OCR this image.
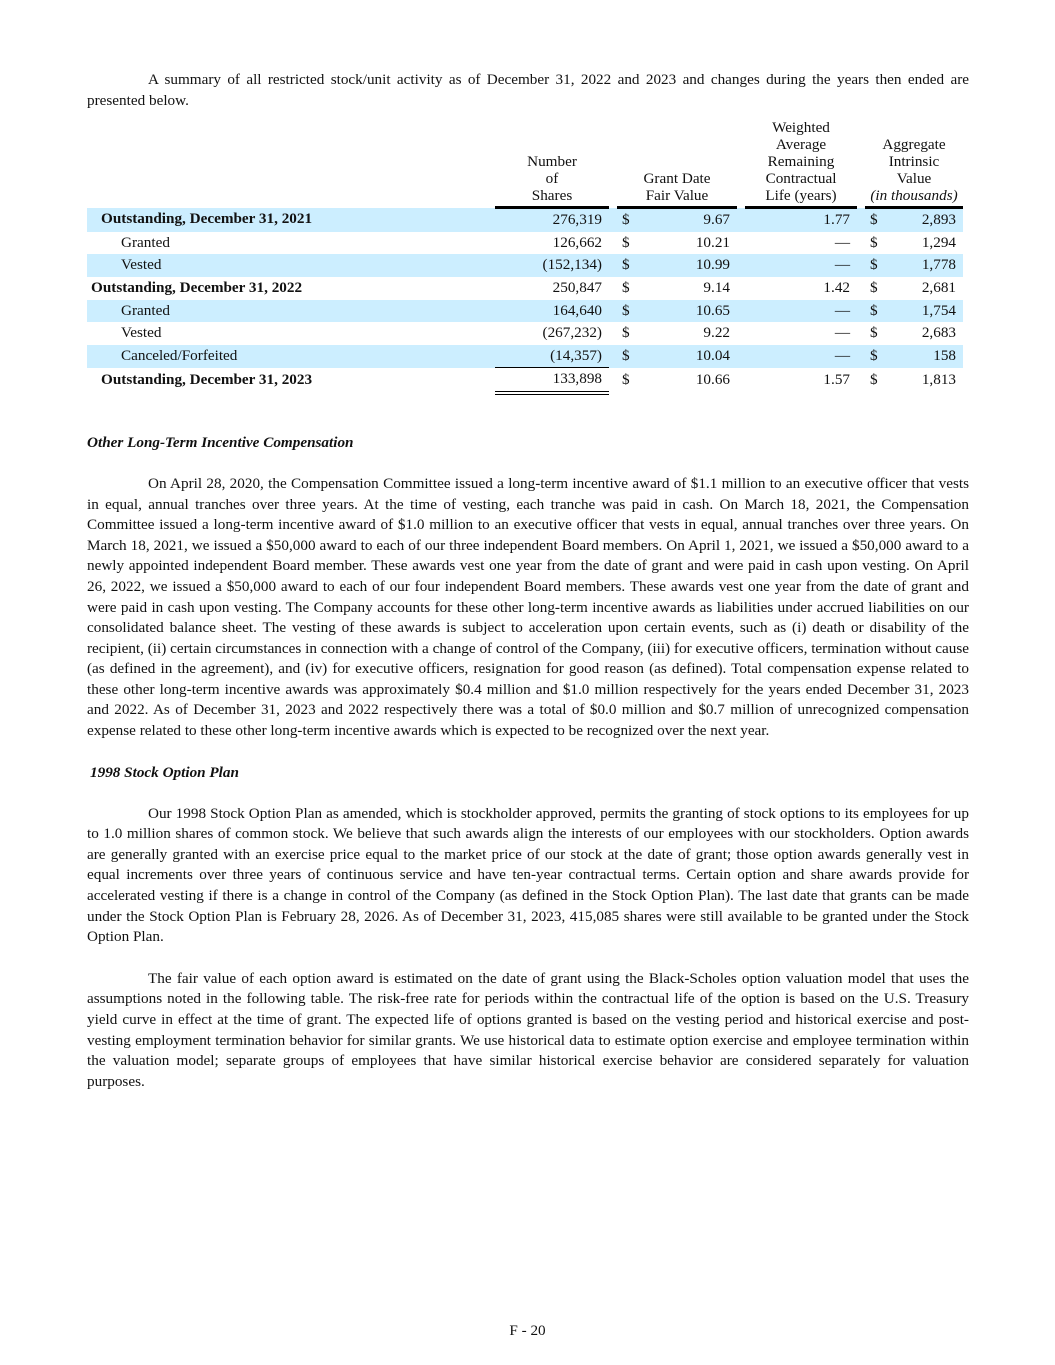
A summary of all restricted stock/unit activity as of December 31, 2022 and 2023 and changes during the years then ended are presented below.

Number
of
Shares

Grant Date
Fair Value

Weighted
Average
Remaining
Contractual
Life (years)

Aggregate
Intrinsic
Value
(in thousands)

Outstanding, December 31, 2021	276,319		$	9.67		1.77		$	2,893
Granted	126,662		$	10.21		—		$	1,294
Vested	(152,134)		$	10.99		—		$	1,778
Outstanding, December 31, 2022	250,847		$	9.14		1.42		$	2,681
Granted	164,640		$	10.65		—		$	1,754
Vested	(267,232)		$	9.22		—		$	2,683
Canceled/Forfeited	(14,357)		$	10.04		—		$	158
Outstanding, December 31, 2023	133,898		$	10.66		1.57		$	1,813
Other Long-Term Incentive Compensation

On April 28, 2020, the Compensation Committee issued a long-term incentive award of $1.1 million to an executive officer that vests in equal, annual tranches over three years. At the time of vesting, each tranche was paid in cash. On March 18, 2021, the Compensation Committee issued a long-term incentive award of $1.0 million to an executive officer that vests in equal, annual tranches over three years. On March 18, 2021, we issued a $50,000 award to each of our three independent Board members. On April 1, 2021, we issued a $50,000 award to a newly appointed independent Board member. These awards vest one year from the date of grant and were paid in cash upon vesting. On April 26, 2022, we issued a $50,000 award to each of our four independent Board members. These awards vest one year from the date of grant and were paid in cash upon vesting. The Company accounts for these other long-term incentive awards as liabilities under accrued liabilities on our consolidated balance sheet. The vesting of these awards is subject to acceleration upon certain events, such as (i) death or disability of the recipient, (ii) certain circumstances in connection with a change of control of the Company, (iii) for executive officers, termination without cause (as defined in the agreement), and (iv) for executive officers, resignation for good reason (as defined). Total compensation expense related to these other long-term incentive awards was approximately $0.4 million and $1.0 million respectively for the years ended December 31, 2023 and 2022. As of December 31, 2023 and 2022 respectively there was a total of $0.0 million and $0.7 million of unrecognized compensation expense related to these other long-term incentive awards which is expected to be recognized over the next year.

1998 Stock Option Plan

Our 1998 Stock Option Plan as amended, which is stockholder approved, permits the granting of stock options to its employees for up to 1.0 million shares of common stock. We believe that such awards align the interests of our employees with our stockholders. Option awards are generally granted with an exercise price equal to the market price of our stock at the date of grant; those option awards generally vest in equal increments over three years of continuous service and have ten-year contractual terms. Certain option and share awards provide for accelerated vesting if there is a change in control of the Company (as defined in the Stock Option Plan). The last date that grants can be made under the Stock Option Plan is February 28, 2026. As of December 31, 2023, 415,085 shares were still available to be granted under the Stock Option Plan.

The fair value of each option award is estimated on the date of grant using the Black-Scholes option valuation model that uses the assumptions noted in the following table. The risk-free rate for periods within the contractual life of the option is based on the U.S. Treasury yield curve in effect at the time of grant. The expected life of options granted is based on the vesting period and historical exercise and post-vesting employment termination behavior for similar grants. We use historical data to estimate option exercise and employee termination within the valuation model; separate groups of employees that have similar historical exercise behavior are considered separately for valuation purposes.

F - 20
